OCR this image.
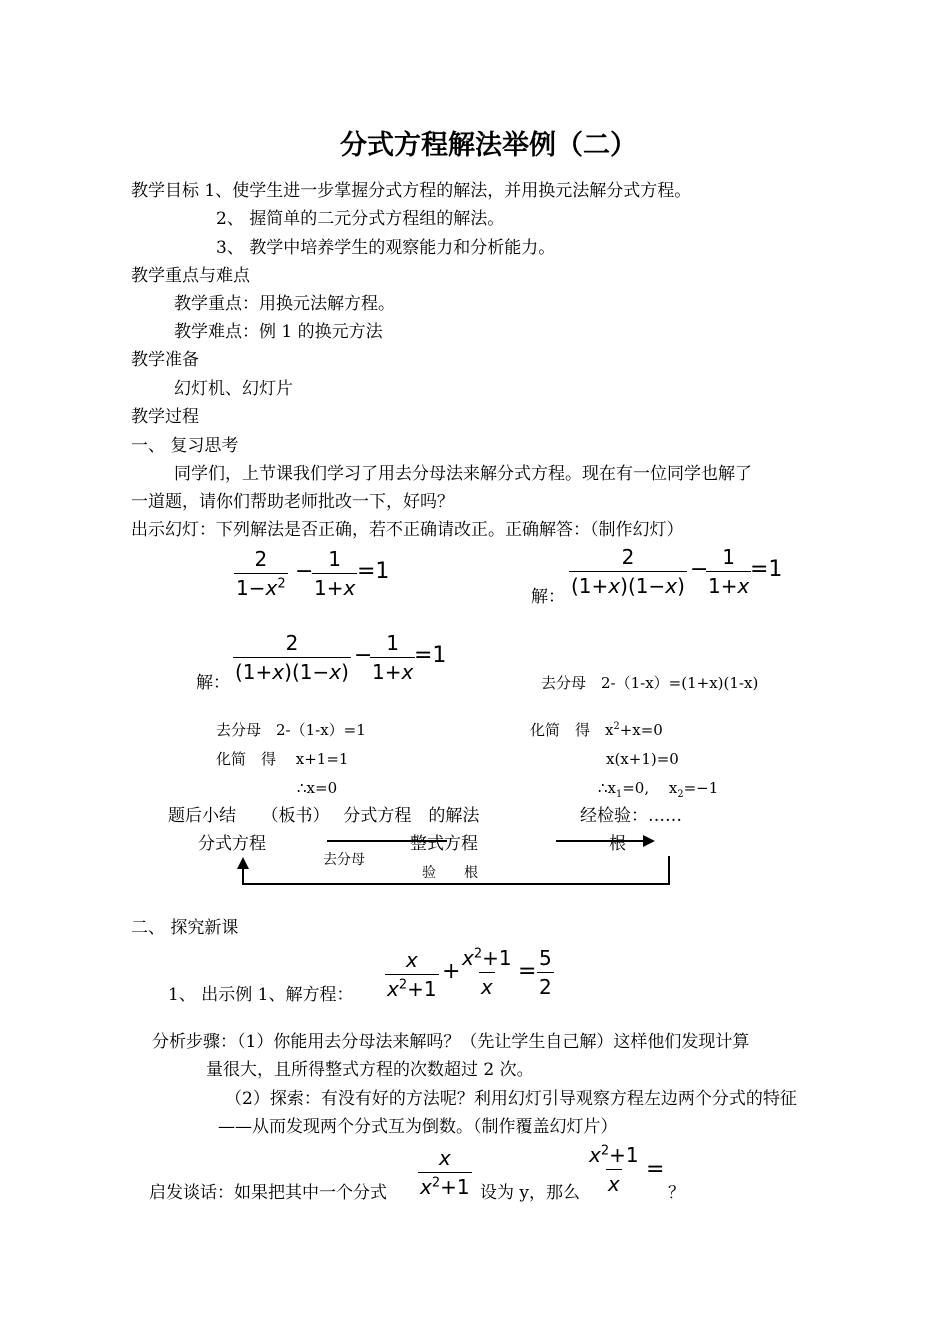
分式方程解法举例（二）
教学目标 1、使学生进一步掌握分式方程的解法，并用换元法解分式方程。
2、 握简单的二元分式方程组的解法。
3、 教学中培养学生的观察能力和分析能力。
教学重点与难点
教学重点：用换元法解方程。
教学难点：例 1 的换元方法
教学准备
幻灯机、幻灯片
教学过程
一、 复习思考
同学们，上节课我们学习了用去分母法来解分式方程。现在有一位同学也解了
一道题，请你们帮助老师批改一下，好吗？
出示幻灯：下列解法是否正确，若不正确请改正。正确解答：（制作幻灯）
$\frac{2}{1-x^2}$ −
$\frac{1}{1+x} =1$
解： $\frac{2}{(1+x)(1-x)}$ −
$\frac{1}{1+x}$
=1
解： $\frac{2}{(1+x)(1-x)}$ −
$\frac{1}{1+x}$
=1
去分母　2-（1-x）=(1+x)(1-x)
去分母　2-（1-x）=1
化简　得　 x+1=1
∴x=0
化简　得　$x^2+x=0$
x(x+1)=0
$\therefore x_1=0$,　 $x_2=-1$
题后小结　　（板书）　 分式方程　的解法	经检验：……
分式方程	整式方程
去分母
根
验　　根
二、 探究新课
1、 出示例 1、解方程： $\frac{x}{x^2+1} + \frac{x^2+1}{x} = \frac{5}{2}$
分析步骤：（1）你能用去分母法来解吗？（先让学生自己解）这样他们发现计算
量很大，且所得整式方程的次数超过 2 次。
（2）探索：有没有好的方法呢？利用幻灯引导观察方程左边两个分式的特征
——从而发现两个分式互为倒数。（制作覆盖幻灯片）
启发谈话：如果把其中一个分式 $\frac{x}{x^2+1}$ 设为 y，那么 $\frac{x^2+1}{x}$ =
？
